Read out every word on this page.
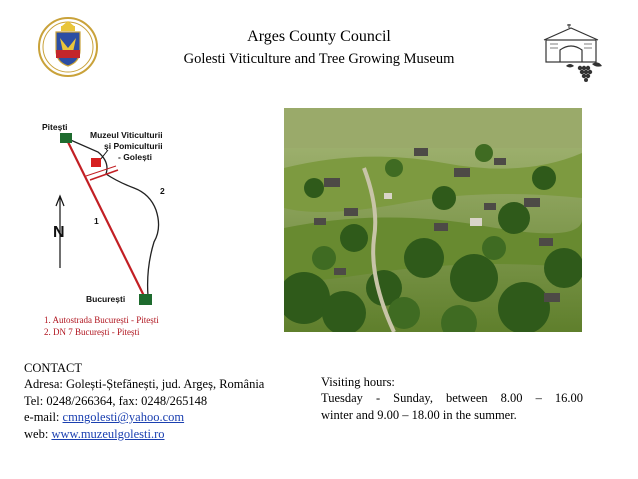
Arges County Council
Golesti Viticulture and Tree Growing Museum
Pitești
Muzeul Viticulturii
și Pomiculturii
- Golești
N
1
2
București
1. Autostrada București - Pitești
2. DN 7 București - Pitești
CONTACT
Adresa: Golești-Ștefănești, jud. Argeș, România
Tel: 0248/266364, fax: 0248/265148
e-mail: cmngolesti@yahoo.com
web: www.muzeulgolesti.ro
Visiting hours:
Tuesday - Sunday, between 8.00 – 16.00
winter and 9.00 – 18.00 in the summer.
